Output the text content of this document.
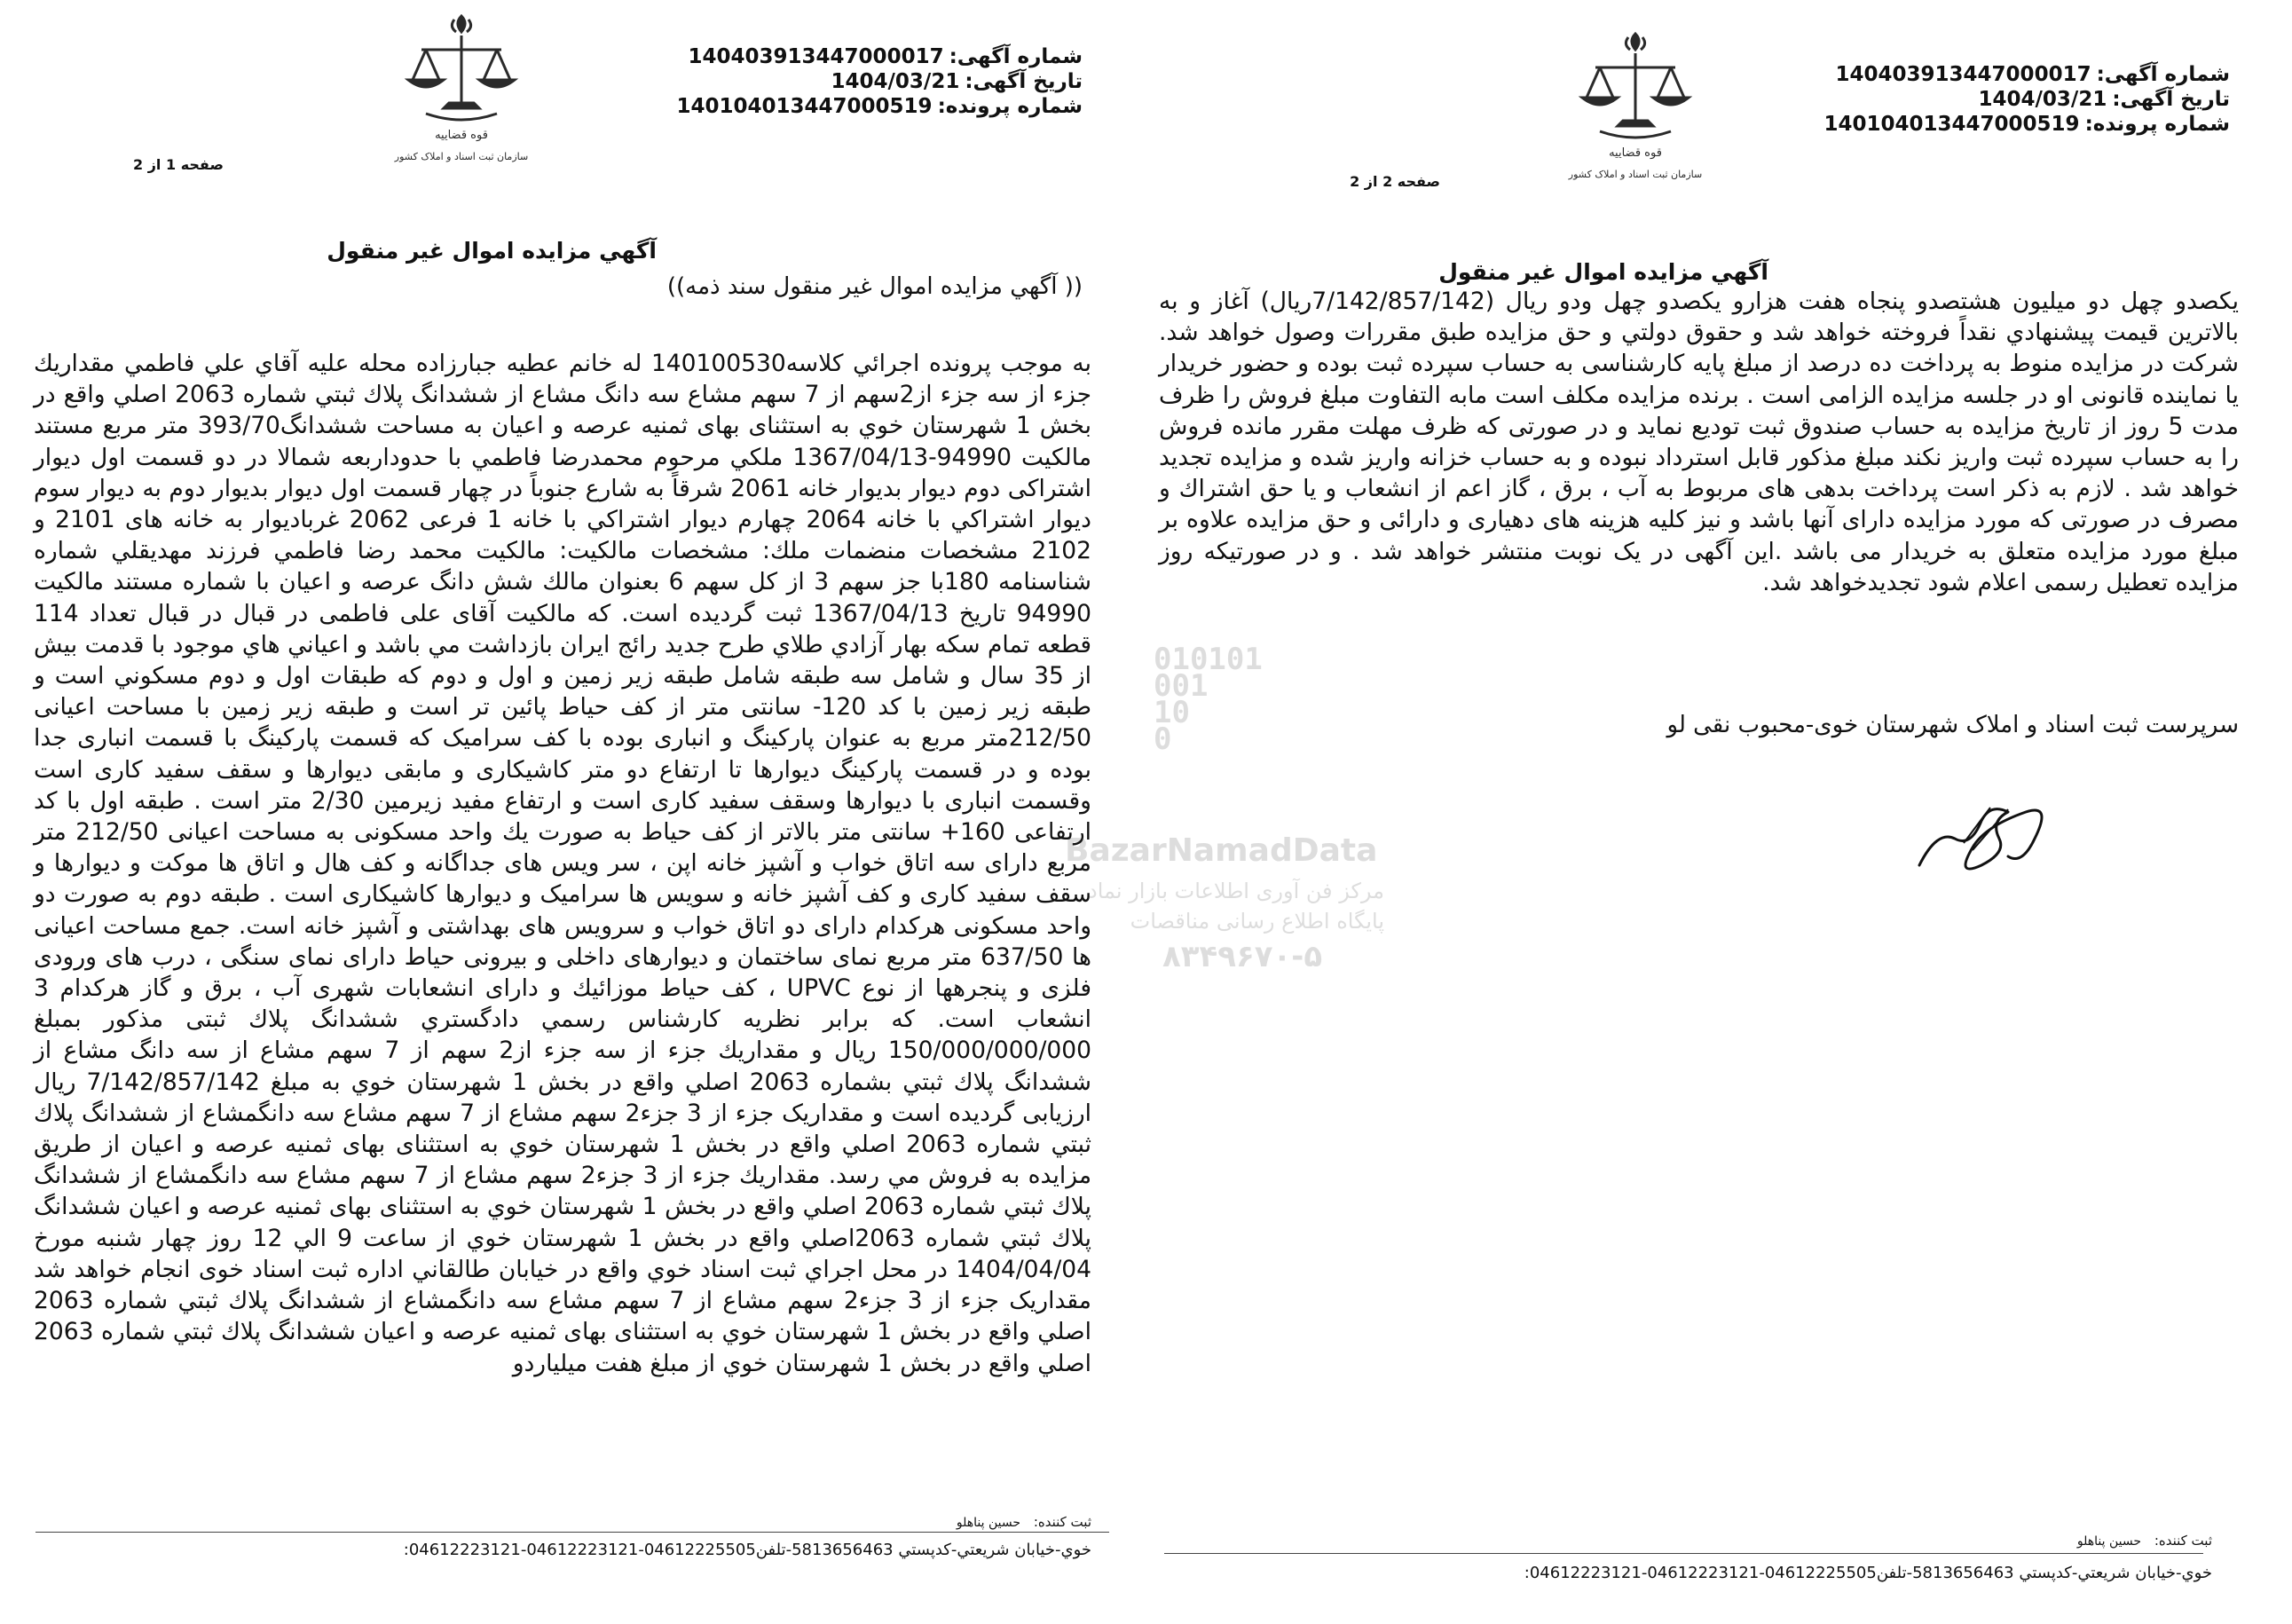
شماره آگهی:140403913447000017
تاریخ آگهی:1404/03/21
شماره پرونده:140104013447000519
قوه قضاییه
سازمان ثبت اسناد و املاک کشور
صفحه 1 از 2
آگهي مزايده اموال غير منقول
(( آگهي مزايده اموال غير منقول سند ذمه))
به موجب پرونده اجرائي كلاسه140100530 له خانم عطيه جبارزاده محله عليه آقاي علي فاطمي مقداريك جزء از سه جزء از2سهم از 7 سهم مشاع سه دانگ مشاع از ششدانگ پلاك ثبتي شماره 2063 اصلي واقع در بخش 1 شهرستان خوي به استثنای بهای ثمنیه عرصه و اعیان به مساحت ششدانگ393/70 متر مربع مستند مالكيت 94990-1367/04/13 ملكي مرحوم محمدرضا فاطمي با حدوداربعه شمالا در دو قسمت اول ديوار اشتراکی دوم دیوار بديوار خانه 2061 شرقاً به شارع جنوباً در چهار قسمت اول دیوار بدیوار دوم به ديوار سوم ديوار اشتراكي با خانه 2064 چهارم ديوار اشتراكي با خانه 1 فرعی 2062 غرباديوار به خانه های 2101 و 2102 مشخصات منضمات ملك: مشخصات مالكيت: مالكيت محمد رضا فاطمي فرزند مهديقلي شماره شناسنامه 180با جز سهم 3 از کل سهم 6 بعنوان مالك شش دانگ عرصه و اعيان با شماره مستند مالكيت 94990 تاريخ 1367/04/13 ثبت گرديده است. كه مالكيت آقای علی فاطمی در قبال در قبال تعداد 114 قطعه تمام سكه بهار آزادي طلاي طرح جديد رائج ايران بازداشت مي باشد و اعياني هاي موجود با قدمت بيش از 35 سال و شامل سه طبقه شامل طبقه زير زمين و اول و دوم كه طبقات اول و دوم مسكوني است و طبقه زير زمين با كد 120- سانتی متر از کف حیاط پائين تر است و طبقه زير زمين با مساحت اعيانی 212/50متر مربع به عنوان پاركينگ و انباری بوده با كف سراميک كه قسمت پاركينگ با قسمت انباری جدا بوده و در قسمت پاركينگ ديوارها تا ارتفاع دو متر كاشيكاری و مابقی ديوارها و سقف سفيد كاری است وقسمت انباری با ديوارها وسقف سفيد كاری است و ارتفاع مفيد زيرمين 2/30 متر است . طبقه اول با كد ارتفاعی 160+ سانتی متر بالاتر از كف حياط به صورت يك واحد مسكونی به مساحت اعيانی 212/50 متر مربع دارای سه اتاق خواب و آشپز خانه اپن ، سر ويس های جداگانه و كف هال و اتاق ها موكت و ديوارها و سقف سفيد كاری و كف آشپز خانه و سويس ها سراميک و ديوارها كاشيكاری است . طبقه دوم به صورت دو واحد مسكونی هركدام دارای دو اتاق خواب و سرويس های بهداشتی و آشپز خانه است. جمع مساحت اعيانی ها 637/50 متر مربع نمای ساختمان و ديوارهای داخلی و بيرونی حياط دارای نمای سنگی ، درب های ورودی فلزی و پنجرهها از نوع UPVC ، كف حياط موزائيك و دارای انشعابات شهری آب ، برق و گاز هركدام 3 انشعاب است. كه برابر نظريه كارشناس رسمي دادگستري ششدانگ پلاك ثبتی مذكور بمبلغ 150/000/000/000 ريال و مقداريك جزء از سه جزء از2 سهم از 7 سهم مشاع از سه دانگ مشاع از ششدانگ پلاك ثبتي بشماره 2063 اصلي واقع در بخش 1 شهرستان خوي به مبلغ 7/142/857/142 ريال ارزيابی گرديده است و مقداريک جزء از 3 جزء2 سهم مشاع از 7 سهم مشاع سه دانگمشاع از ششدانگ پلاك ثبتي شماره 2063 اصلي واقع در بخش 1 شهرستان خوي به استثنای بهای ثمنيه عرصه و اعيان از طريق مزايده به فروش مي رسد. مقداريك جزء از 3 جزء2 سهم مشاع از 7 سهم مشاع سه دانگمشاع از ششدانگ پلاك ثبتي شماره 2063 اصلي واقع در بخش 1 شهرستان خوي به استثنای بهای ثمنيه عرصه و اعيان ششدانگ پلاك ثبتي شماره 2063اصلي واقع در بخش 1 شهرستان خوي از ساعت 9 الي 12 روز چهار شنبه مورخ 1404/04/04 در محل اجراي ثبت اسناد خوي واقع در خيابان طالقاني اداره ثبت اسناد خوی انجام خواهد شد مقداريک جزء از 3 جزء2 سهم مشاع از 7 سهم مشاع سه دانگمشاع از ششدانگ پلاك ثبتي شماره 2063 اصلي واقع در بخش 1 شهرستان خوي به استثنای بهای ثمنيه عرصه و اعيان ششدانگ پلاك ثبتي شماره 2063 اصلي واقع در بخش 1 شهرستان خوي از مبلغ هفت ميلياردو
ثبت کننده: حسین پناهلو
خوي-خيابان شريعتي-كدپستي 5813656463-تلفن04612225505-04612223121-04612223121:
شماره آگهی:140403913447000017
تاریخ آگهی:1404/03/21
شماره پرونده:140104013447000519
قوه قضاییه
سازمان ثبت اسناد و املاک کشور
صفحه 2 از 2
آگهي مزايده اموال غير منقول
يكصدو چهل دو ميليون هشتصدو پنجاه هفت هزارو يكصدو چهل ودو ريال (7/142/857/142ريال) آغاز و به بالاترين قيمت پيشنهادي نقداً فروخته خواهد شد و حقوق دولتي و حق مزايده طبق مقررات وصول خواهد شد. شركت در مزايده منوط به پرداخت ده درصد از مبلغ پايه كارشناسی به حساب سپرده ثبت بوده و حضور خريدار يا نماينده قانونی او در جلسه مزايده الزامی است . برنده مزايده مكلف است مابه التفاوت مبلغ فروش را ظرف مدت 5 روز از تاريخ مزايده به حساب صندوق ثبت توديع نمايد و در صورتی كه ظرف مهلت مقرر مانده فروش را به حساب سپرده ثبت واريز نكند مبلغ مذكور قابل استرداد نبوده و به حساب خزانه واريز شده و مزايده تجديد خواهد شد . لازم به ذكر است پرداخت بدهی های مربوط به آب ، برق ، گاز اعم از انشعاب و يا حق اشتراك و مصرف در صورتی كه مورد مزايده دارای آنها باشد و نيز كليه هزينه های دهياری و دارائی و حق مزايده علاوه بر مبلغ مورد مزايده متعلق به خريدار می باشد .اين آگهی در يک نوبت منتشر خواهد شد . و در صورتيكه روز مزايده تعطيل رسمی اعلام شود تجديدخواهد شد.
سرپرست ثبت اسناد و املاک شهرستان خوی-محبوب نقی لو
ثبت کننده: حسین پناهلو
خوي-خيابان شريعتي-كدپستي 5813656463-تلفن04612225505-04612223121-04612223121:
010101
001
10
0
BazarNamadData
مرکز فن آوری اطلاعات بازار نماد
پایگاه اطلاع رسانی مناقصات
۸۳۴۹۶۷۰-۵
